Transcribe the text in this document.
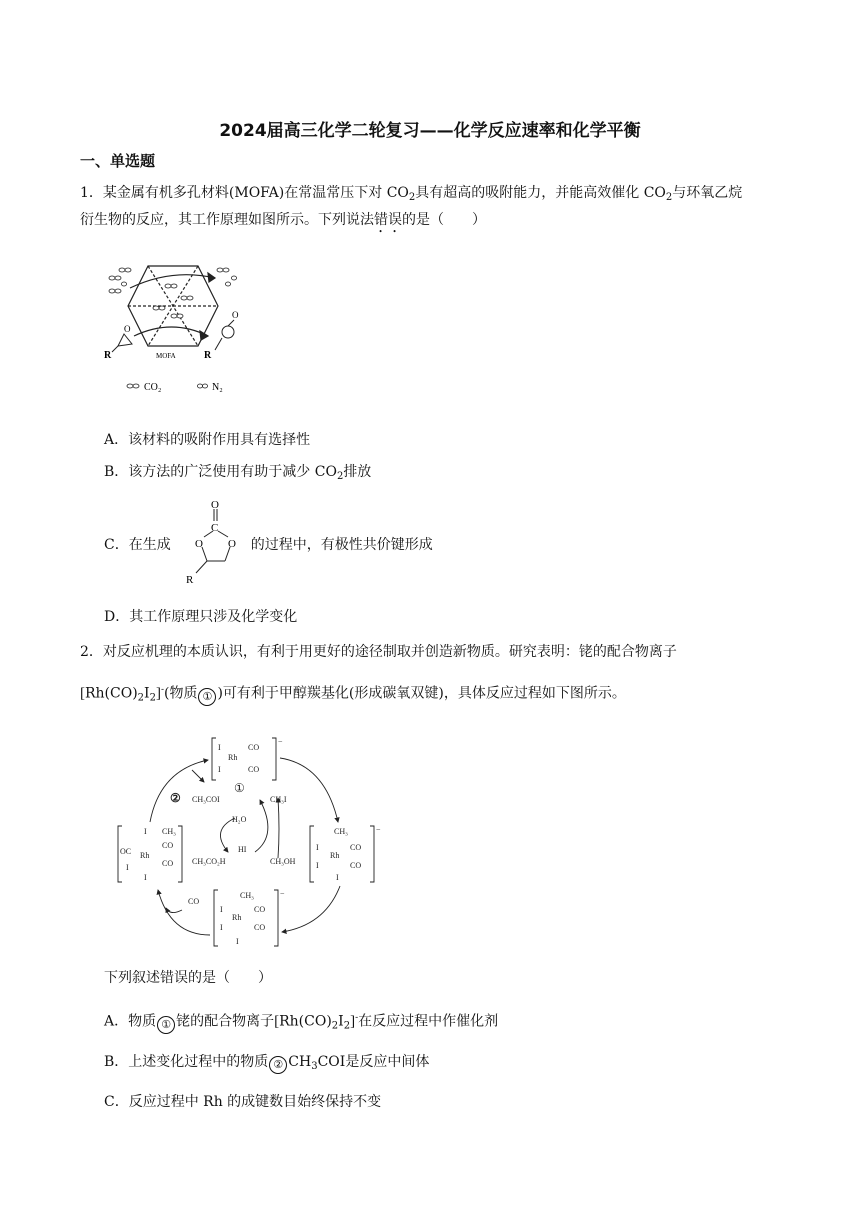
2024届高三化学二轮复习——化学反应速率和化学平衡
一、单选题
1．某金属有机多孔材料(MOFA)在常温常压下对 $CO_2$具有超高的吸附能力，并能高效催化 $CO_2$与环氧乙烷
衍生物的反应，其工作原理如图所示。下列说法错误的是（　　）
O
O
R	R
MOFA
CO₂	N₂
A．该材料的吸附作用具有选择性
B．该方法的广泛使用有助于减少 $CO_2$排放
C．在生成	的过程中，有极性共价键形成
O
C
O O
R
D．其工作原理只涉及化学变化
2．对反应机理的本质认识，有利于用更好的途径制取并创造新物质。研究表明：铑的配合物离子
$[Rh(CO)_2I_2]^-$(物质 ① )可有利于甲醇羰基化(形成碳氧双键)，具体反应过程如下图所示。
I
Rh
CO
I	CO
−
①
② CH₃COI
H₂O
HI
CH₃CO₂H
CH₃I
CH₃OH
CH₃
I
Rh
CO
I	CO
I
−
CH₃
I
Rh
CO
I	CO
I
−
CO
I CH₃
OC Rh
CO
I	CO
I
下列叙述错误的是（　　）
A．物质 ① 铑的配合物离子$[Rh(CO)_2I_2]^-$在反应过程中作催化剂
B．上述变化过程中的物质 ② $CH_3COI$是反应中间体
C．反应过程中 Rh 的成键数目始终保持不变
